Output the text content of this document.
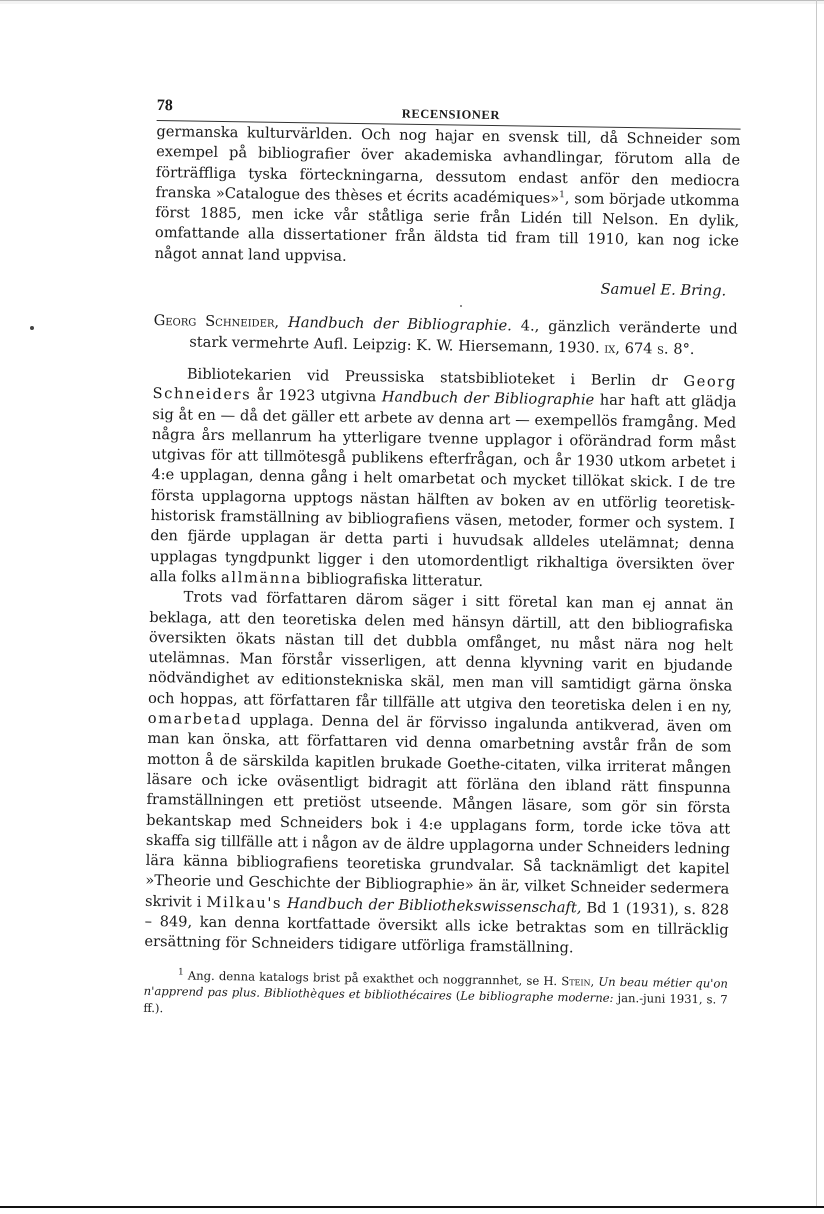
78
RECENSIONER

germanska kulturvärlden. Och nog hajar en svensk till, då Schneider som exempel på bibliografier över akademiska avhandlingar, förutom alla de förträffliga tyska förteckningarna, dessutom endast anför den mediocra franska »Catalogue des thèses et écrits académiques»$^1$, som började utkomma först 1885, men icke vår ståtliga serie från Lidén till Nelson. En dylik, omfattande alla dissertationer från äldsta tid fram till 1910, kan nog icke något annat land uppvisa.

Samuel E. Bring.

Georg Schneider, Handbuch der Bibliographie. 4., gänzlich veränderte und stark vermehrte Aufl. Leipzig: K. W. Hiersemann, 1930. ix, 674 s. 8°.

Bibliotekarien vid Preussiska statsbiblioteket i Berlin dr Georg Schneiders år 1923 utgivna Handbuch der Bibliographie har haft att glädja sig åt en — då det gäller ett arbete av denna art — exempellös framgång. Med några års mellanrum ha ytterligare tvenne upplagor i oförändrad form måst utgivas för att tillmötesgå publikens efterfrågan, och år 1930 utkom arbetet i 4:e upplagan, denna gång i helt omarbetat och mycket tillökat skick. I de tre första upplagorna upptogs nästan hälften av boken av en utförlig teoretisk-historisk framställning av bibliografiens väsen, metoder, former och system. I den fjärde upplagan är detta parti i huvudsak alldeles utelämnat; denna upplagas tyngdpunkt ligger i den utomordentligt rikhaltiga översikten över alla folks allmänna bibliografiska litteratur.

Trots vad författaren därom säger i sitt företal kan man ej annat än beklaga, att den teoretiska delen med hänsyn därtill, att den bibliografiska översikten ökats nästan till det dubbla omfånget, nu måst nära nog helt utelämnas. Man förstår visserligen, att denna klyvning varit en bjudande nödvändighet av editionstekniska skäl, men man vill samtidigt gärna önska och hoppas, att författaren får tillfälle att utgiva den teoretiska delen i en ny, omarbetad upplaga. Denna del är förvisso ingalunda antikverad, även om man kan önska, att författaren vid denna omarbetning avstår från de som motton å de särskilda kapitlen brukade Goethe-citaten, vilka irriterat mången läsare och icke oväsentligt bidragit att förläna den ibland rätt finspunna framställningen ett pretiöst utseende. Mången läsare, som gör sin första bekantskap med Schneiders bok i 4:e upplagans form, torde icke töva att skaffa sig tillfälle att i någon av de äldre upplagorna under Schneiders ledning lära känna bibliografiens teoretiska grundvalar. Så tacknämligt det kapitel »Theorie und Geschichte der Bibliographie» än är, vilket Schneider sedermera skrivit i Milkau's Handbuch der Bibliothekswissenschaft, Bd 1 (1931), s. 828 – 849, kan denna kortfattade översikt alls icke betraktas som en tillräcklig ersättning för Schneiders tidigare utförliga framställning.

$^1$ Ang. denna katalogs brist på exakthet och noggrannhet, se H. Stein, Un beau métier qu'on n'apprend pas plus. Bibliothèques et bibliothécaires (Le bibliographe moderne: jan.-juni 1931, s. 7 ff.).
